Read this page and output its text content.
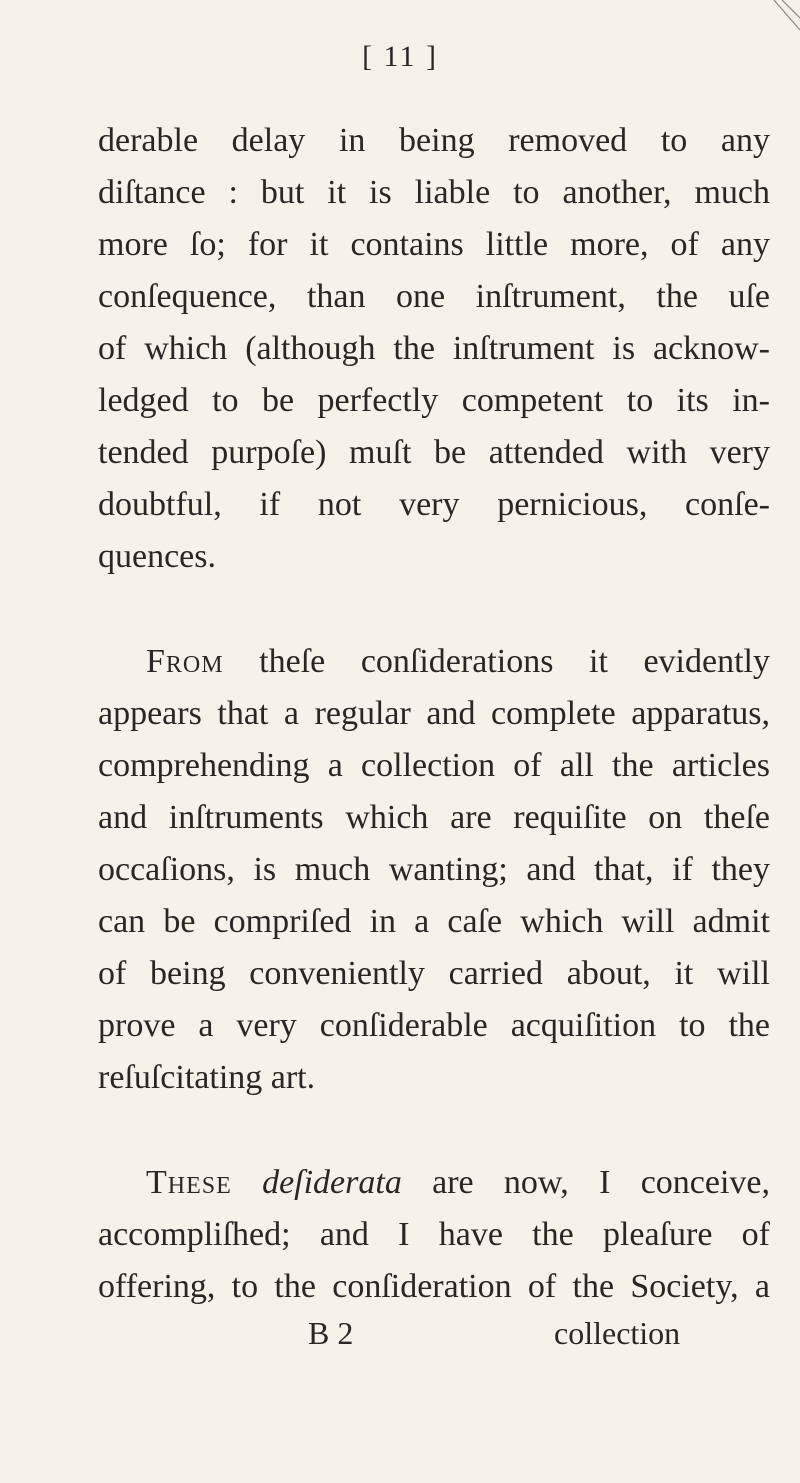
[ 11 ]
derable delay in being removed to any
diſtance : but it is liable to another, much
more ſo; for it contains little more, of any
conſequence, than one inſtrument, the uſe
of which (although the inſtrument is acknow-
ledged to be perfectly competent to its in-
tended purpoſe) muſt be attended with very
doubtful, if not very pernicious, conſe-
quences.
From theſe conſiderations it evidently
appears that a regular and complete apparatus,
comprehending a collection of all the articles
and inſtruments which are requiſite on theſe
occaſions, is much wanting; and that, if they
can be compriſed in a caſe which will admit
of being conveniently carried about, it will
prove a very conſiderable acquiſition to the
reſuſcitating art.
These deſiderata are now, I conceive,
accompliſhed; and I have the pleaſure of
offering, to the conſideration of the Society, a
B 2	collection
